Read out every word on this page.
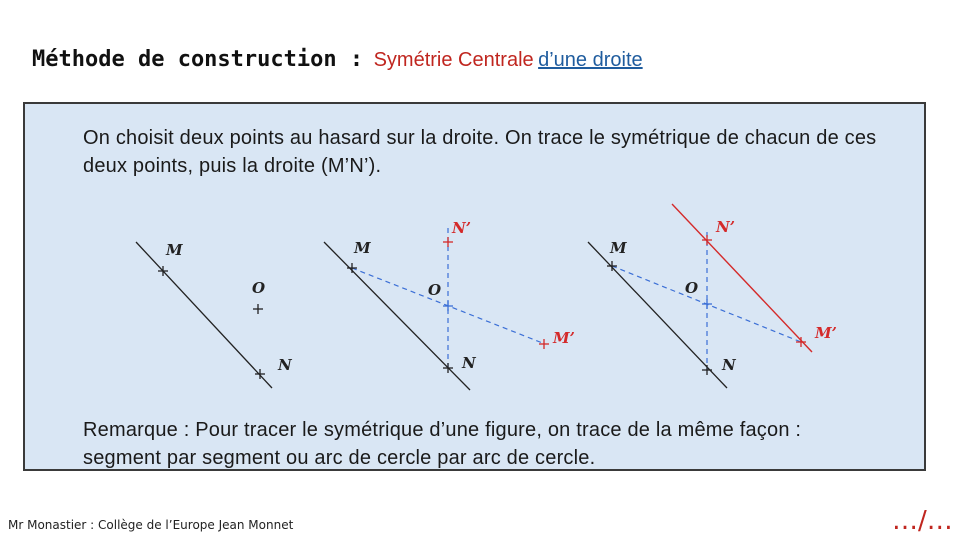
Méthode de construction : Symétrie Centrale d’une droite

On choisit deux points au hasard sur la droite. On trace le symétrique de chacun de ces deux points, puis la droite (M’N’).

Remarque : Pour tracer le symétrique d’une figure, on trace de la même façon : segment par segment ou arc de cercle par arc de cercle.

M
N
O
M
N
O
N’
M’
M
N
O
N’
M’
Mr Monastier : Collège de l’Europe Jean Monnet	…/…
